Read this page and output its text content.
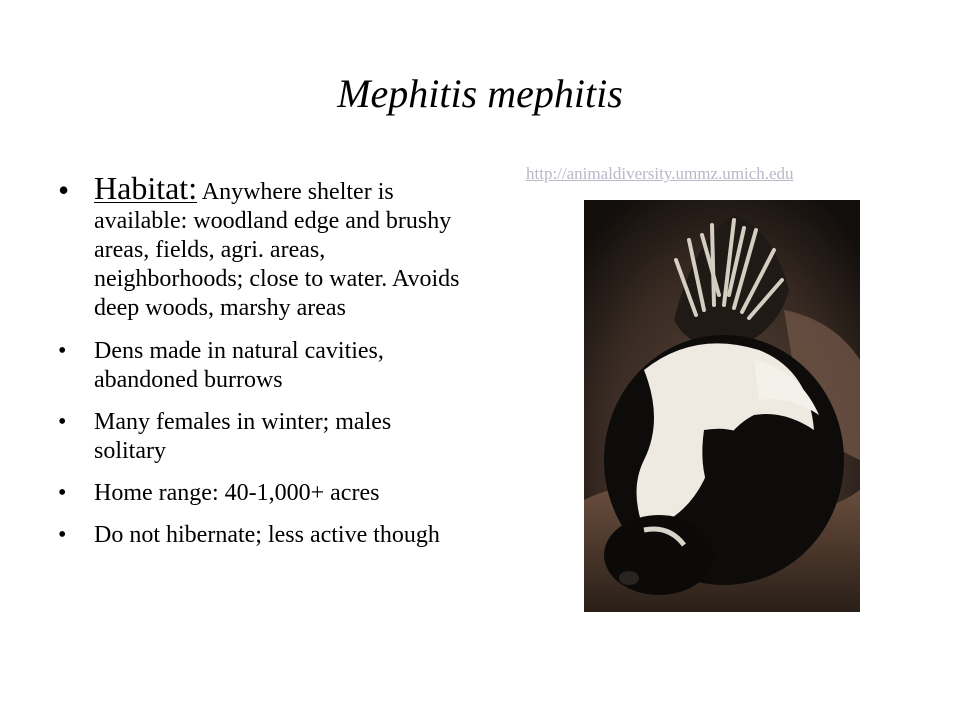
Mephitis mephitis
• Habitat: Anywhere shelter is available: woodland edge and brushy areas, fields, agri. areas, neighborhoods; close to water. Avoids deep woods, marshy areas
• Dens made in natural cavities, abandoned burrows
• Many females in winter; males solitary
• Home range: 40-1,000+ acres
• Do not hibernate; less active though
http://animaldiversity.ummz.umich.edu
